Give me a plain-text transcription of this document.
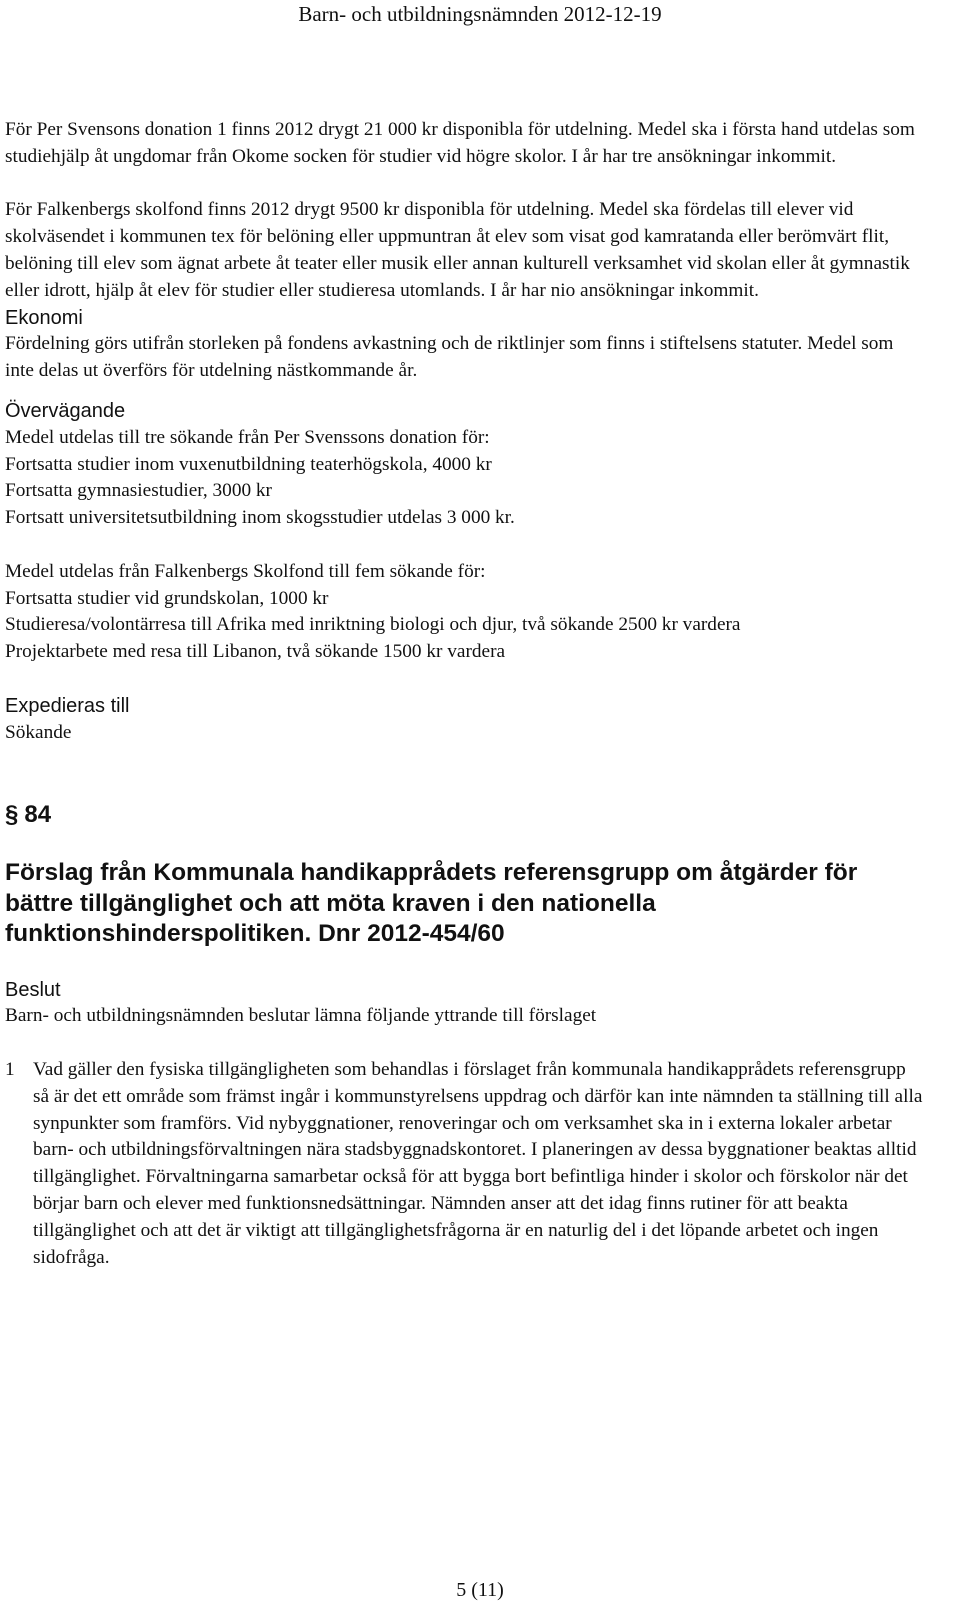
Barn- och utbildningsnämnden 2012-12-19

För Per Svensons donation 1 finns 2012 drygt 21 000 kr disponibla för utdelning. Medel ska i första hand utdelas som studiehjälp åt ungdomar från Okome socken för studier vid högre skolor. I år har tre ansökningar inkommit.

För Falkenbergs skolfond finns 2012 drygt 9500 kr disponibla för utdelning. Medel ska fördelas till elever vid skolväsendet i kommunen tex för belöning eller uppmuntran åt elev som visat god kamratanda eller berömvärt flit, belöning till elev som ägnat arbete åt teater eller musik eller annan kulturell verksamhet vid skolan eller åt gymnastik eller idrott, hjälp åt elev för studier eller studieresa utomlands. I år har nio ansökningar inkommit.

Ekonomi

Fördelning görs utifrån storleken på fondens avkastning och de riktlinjer som finns i stiftelsens statuter. Medel som inte delas ut överförs för utdelning nästkommande år.

Övervägande

Medel utdelas till tre sökande från Per Svenssons donation för:

Fortsatta studier inom vuxenutbildning teaterhögskola, 4000 kr

Fortsatta gymnasiestudier, 3000 kr

Fortsatt universitetsutbildning inom skogsstudier utdelas 3 000 kr.

Medel utdelas från Falkenbergs Skolfond till fem sökande för:

Fortsatta studier vid grundskolan, 1000 kr

Studieresa/volontärresa till Afrika med inriktning biologi och djur, två sökande 2500 kr vardera

Projektarbete med resa till Libanon, två sökande 1500 kr vardera

Expedieras till

Sökande

§ 84

Förslag från Kommunala handikapprådets referensgrupp om åtgärder för bättre tillgänglighet och att möta kraven i den nationella funktionshinderspolitiken. Dnr 2012-454/60

Beslut

Barn- och utbildningsnämnden beslutar lämna följande yttrande till förslaget

1 Vad gäller den fysiska tillgängligheten som behandlas i förslaget från kommunala handikapprådets referensgrupp så är det ett område som främst ingår i kommunstyrelsens uppdrag och därför kan inte nämnden ta ställning till alla synpunkter som framförs. Vid nybyggnationer, renoveringar och om verksamhet ska in i externa lokaler arbetar barn- och utbildningsförvaltningen nära stadsbyggnadskontoret. I planeringen av dessa byggnationer beaktas alltid tillgänglighet. Förvaltningarna samarbetar också för att bygga bort befintliga hinder i skolor och förskolor när det börjar barn och elever med funktionsnedsättningar. Nämnden anser att det idag finns rutiner för att beakta tillgänglighet och att det är viktigt att tillgänglighetsfrågorna är en naturlig del i det löpande arbetet och ingen sidofråga.
5 (11)
